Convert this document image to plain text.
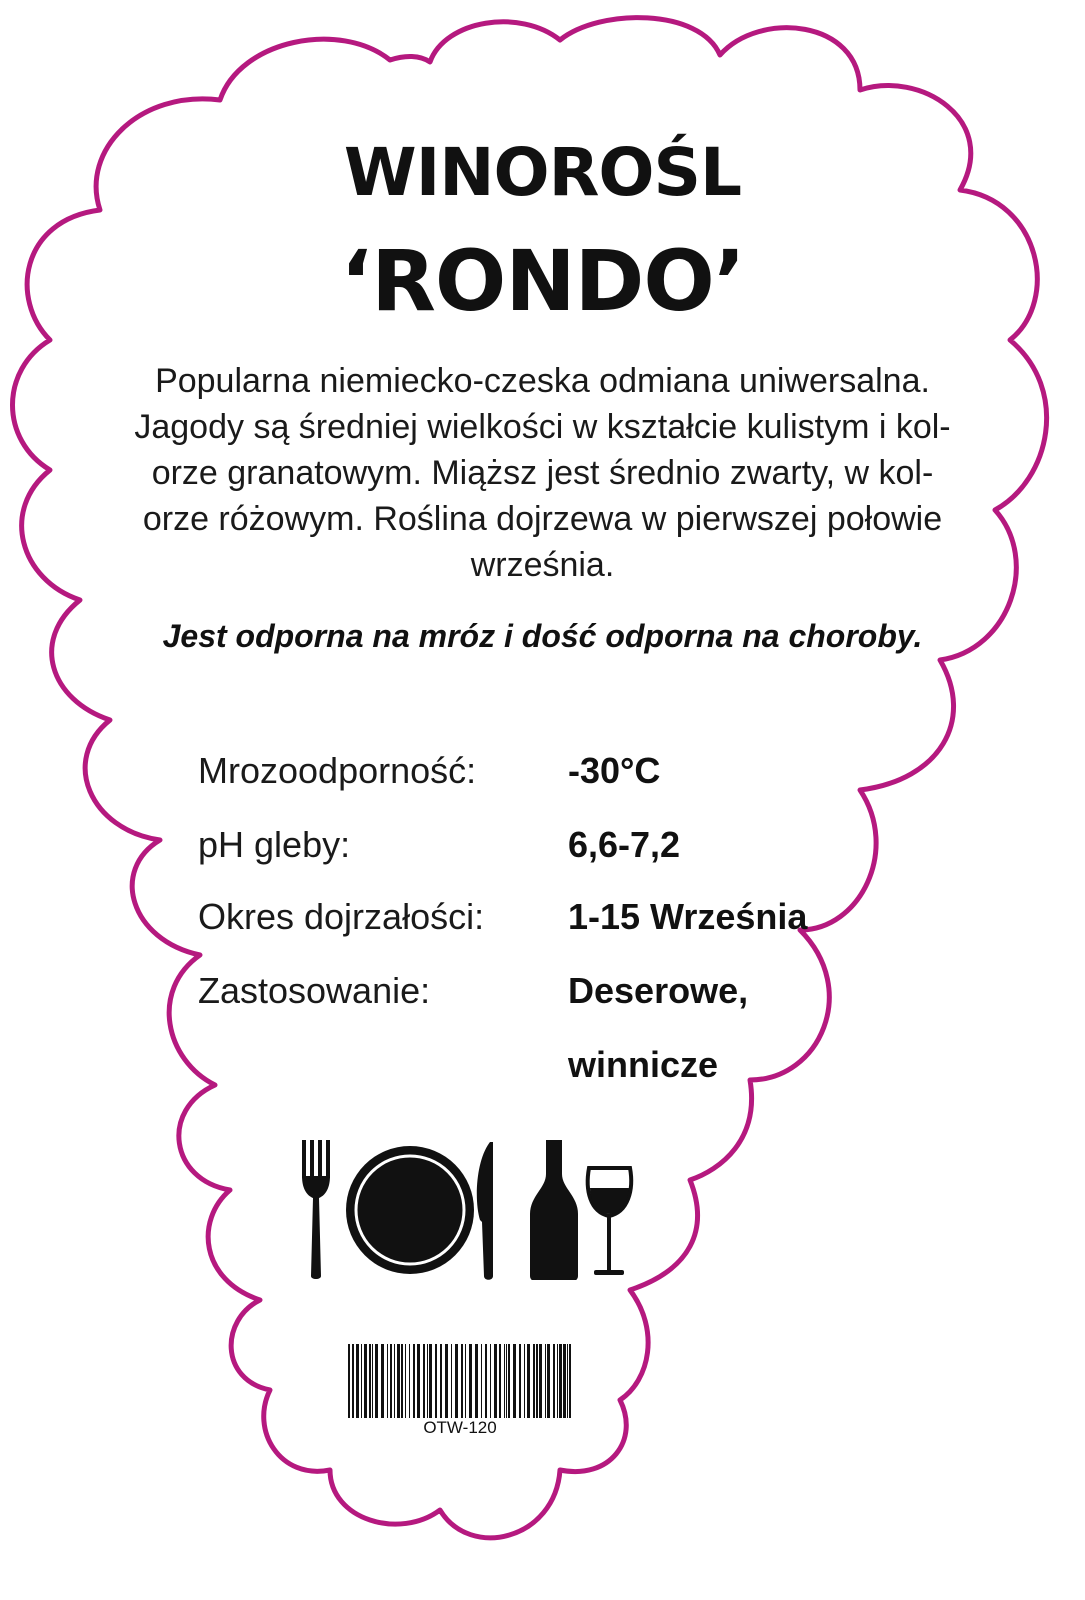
WINOROŚL
‘RONDO’
Popularna niemiecko-czeska odmiana uniwersalna.
Jagody są średniej wielkości w kształcie kulistym i kol-
orze granatowym. Miąższ jest średnio zwarty, w kol-
orze różowym. Roślina dojrzewa w pierwszej połowie
września.
Jest odporna na mróz i dość odporna na choroby.
Mrozoodporność:	-30°C
pH gleby:	6,6-7,2
Okres dojrzałości: 1-15 Września
Zastosowanie:	Deserowe,
winnicze
OTW-120
